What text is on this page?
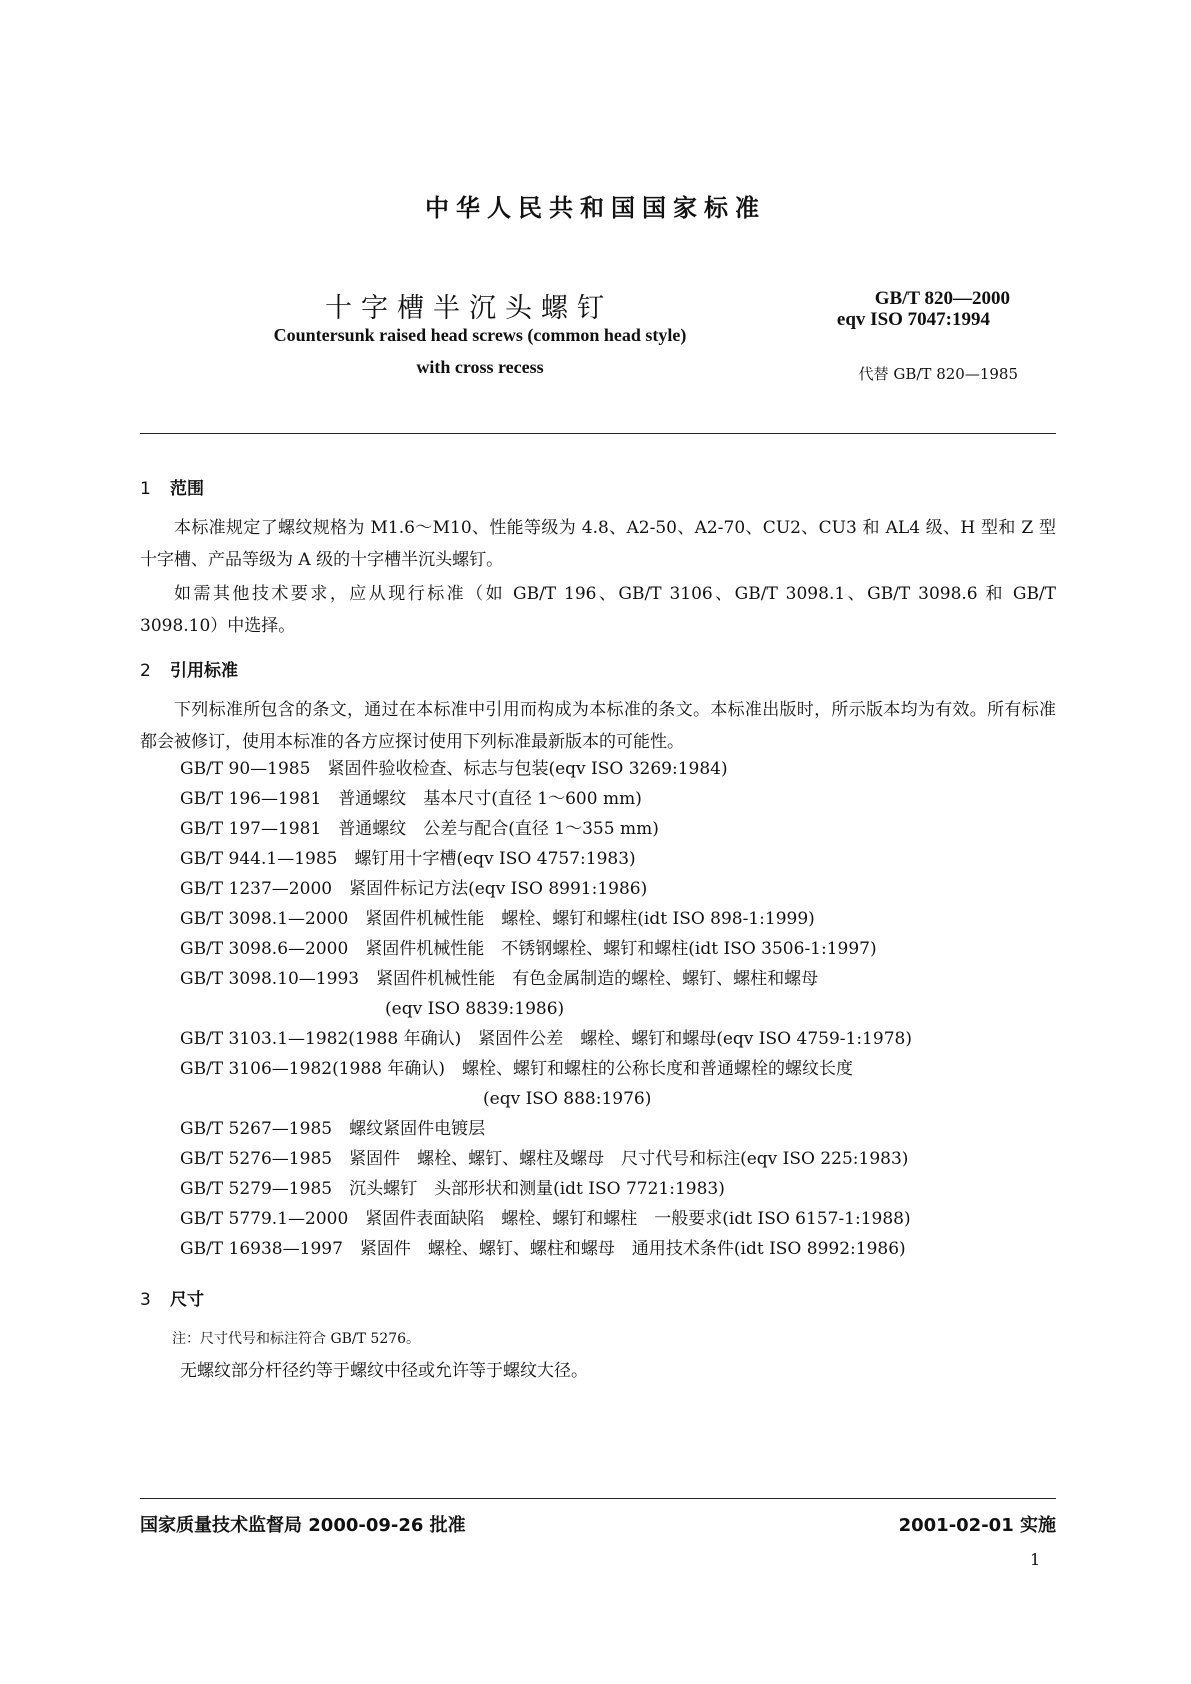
中华人民共和国国家标准
十字槽半沉头螺钉	GB/T 820—2000
eqv ISO 7047:1994
Countersunk raised head screws (common head style)
with cross recess	代替 GB/T 820—1985
1 范围
本标准规定了螺纹规格为 M1.6～M10、性能等级为 4.8、A2-50、A2-70、CU2、CU3 和 AL4 级、H 型和 Z 型十字槽、产品等级为 A 级的十字槽半沉头螺钉。
如需其他技术要求，应从现行标准（如 GB/T 196、GB/T 3106、GB/T 3098.1、GB/T 3098.6 和 GB/T 3098.10）中选择。
2 引用标准
下列标准所包含的条文，通过在本标准中引用而构成为本标准的条文。本标准出版时，所示版本均为有效。所有标准都会被修订，使用本标准的各方应探讨使用下列标准最新版本的可能性。
GB/T 90—1985　紧固件验收检查、标志与包装(eqv ISO 3269:1984)
GB/T 196—1981　普通螺纹　基本尺寸(直径 1～600 mm)
GB/T 197—1981　普通螺纹　公差与配合(直径 1～355 mm)
GB/T 944.1—1985　螺钉用十字槽(eqv ISO 4757:1983)
GB/T 1237—2000　紧固件标记方法(eqv ISO 8991:1986)
GB/T 3098.1—2000　紧固件机械性能　螺栓、螺钉和螺柱(idt ISO 898-1:1999)
GB/T 3098.6—2000　紧固件机械性能　不锈钢螺栓、螺钉和螺柱(idt ISO 3506-1:1997)
GB/T 3098.10—1993　紧固件机械性能　有色金属制造的螺栓、螺钉、螺柱和螺母
(eqv ISO 8839:1986)
GB/T 3103.1—1982(1988 年确认)　紧固件公差　螺栓、螺钉和螺母(eqv ISO 4759-1:1978)
GB/T 3106—1982(1988 年确认)　螺栓、螺钉和螺柱的公称长度和普通螺栓的螺纹长度
(eqv ISO 888:1976)
GB/T 5267—1985　螺纹紧固件电镀层
GB/T 5276—1985　紧固件　螺栓、螺钉、螺柱及螺母　尺寸代号和标注(eqv ISO 225:1983)
GB/T 5279—1985　沉头螺钉　头部形状和测量(idt ISO 7721:1983)
GB/T 5779.1—2000　紧固件表面缺陷　螺栓、螺钉和螺柱　一般要求(idt ISO 6157-1:1988)
GB/T 16938—1997　紧固件　螺栓、螺钉、螺柱和螺母　通用技术条件(idt ISO 8992:1986)
3 尺寸
注：尺寸代号和标注符合 GB/T 5276。
无螺纹部分杆径约等于螺纹中径或允许等于螺纹大径。
国家质量技术监督局 2000-09-26 批准	2001-02-01 实施
1
